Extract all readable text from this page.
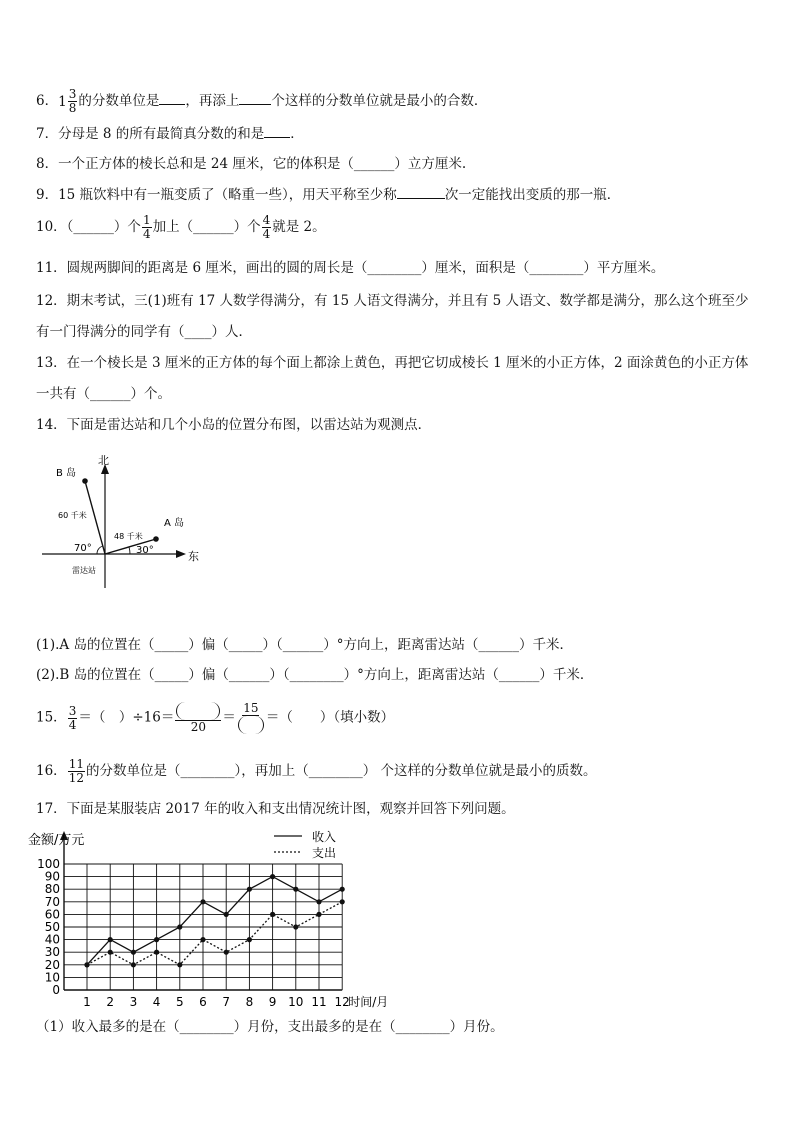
6． $1 \frac{3}{8}$ 的分数单位是 ，再添上 个这样的分数单位就是最小的合数．
7．分母是 8 的所有最简真分数的和是 ．
8．一个正方体的棱长总和是 24 厘米，它的体积是（______）立方厘米.
9．15 瓶饮料中有一瓶变质了（略重一些），用天平称至少称	次一定能找出变质的那一瓶．
10．（______）个 $\frac{1}{4}$ 加上（______）个 $\frac{4}{4}$ 就是 2。
11．圆规两脚间的距离是 6 厘米，画出的圆的周长是（________）厘米，面积是（________）平方厘米。
12．期末考试，三(1)班有 17 人数学得满分，有 15 人语文得满分，并且有 5 人语文、数学都是满分，那么这个班至少
有一门得满分的同学有（____）人．
13．在一个棱长是 3 厘米的正方体的每个面上都涂上黄色，再把它切成棱长 1 厘米的小正方体，2 面涂黄色的小正方体
一共有（______）个。
14．下面是雷达站和几个小岛的位置分布图，以雷达站为观测点．
北
东
B 岛
60 千米
A 岛
48 千米
70°	30°
雷达站
(1).A 岛的位置在（_____）偏（_____）（______）°方向上，距离雷达站（______）千米．
(2).B 岛的位置在（_____）偏（______）（________）°方向上，距离雷达站（______）千米．
15． $\frac{3}{4}$ ＝（　）÷16＝
20
＝
15
＝（　　）（填小数）
16． $\frac{11}{12}$ 的分数单位是（________），再加上（________） 个这样的分数单位就是最小的质数。
17．下面是某服装店 2017 年的收入和支出情况统计图，观察并回答下列问题。
0
10
20
30
40
50
60
70
80
90
100
1 2 3 4 5 6 7 8 9 10 11 12
金额/万元
时间/月
收入
支出
（1）收入最多的是在（________）月份，支出最多的是在（________）月份。
